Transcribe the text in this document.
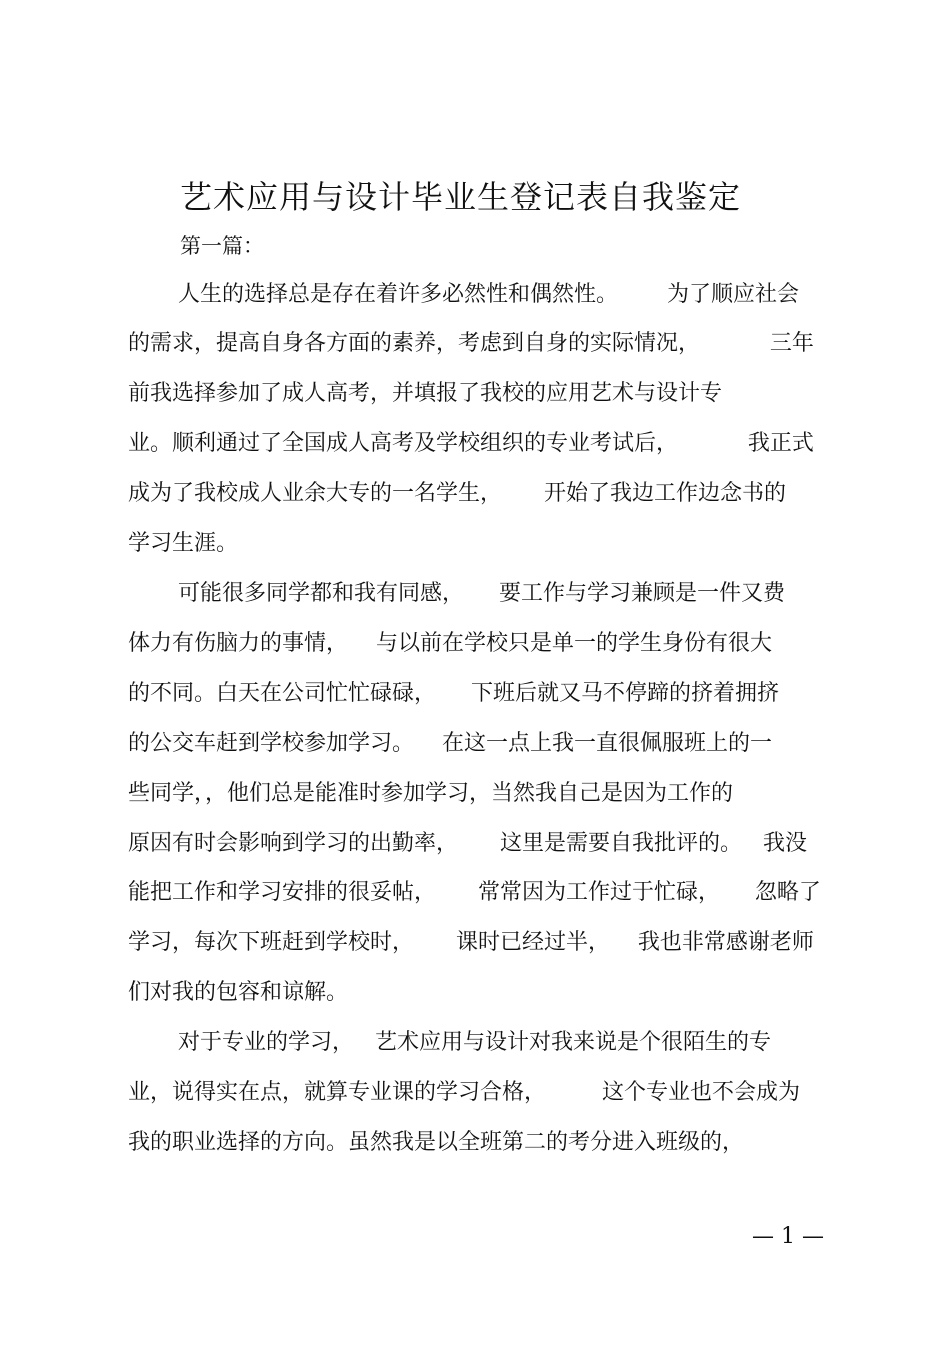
艺术应用与设计毕业生登记表自我鉴定
第一篇：
人生的选择总是存在着许多必然性和偶然性。       为了顺应社会
的需求，提高自身各方面的素养，考虑到自身的实际情况，          三年
前我选择参加了成人高考，并填报了我校的应用艺术与设计专
业。顺利通过了全国成人高考及学校组织的专业考试后，          我正式
成为了我校成人业余大专的一名学生，      开始了我边工作边念书的
学习生涯。
可能很多同学都和我有同感，     要工作与学习兼顾是一件又费
体力有伤脑力的事情，    与以前在学校只是单一的学生身份有很大
的不同。白天在公司忙忙碌碌，     下班后就又马不停蹄的挤着拥挤
的公交车赶到学校参加学习。    在这一点上我一直很佩服班上的一
些同学，，他们总是能准时参加学习，当然我自己是因为工作的
原因有时会影响到学习的出勤率，      这里是需要自我批评的。   我没
能把工作和学习安排的很妥帖，      常常因为工作过于忙碌，     忽略了
学习，每次下班赶到学校时，      课时已经过半，    我也非常感谢老师
们对我的包容和谅解。
对于专业的学习，   艺术应用与设计对我来说是个很陌生的专
业，说得实在点，就算专业课的学习合格，        这个专业也不会成为
我的职业选择的方向。虽然我是以全班第二的考分进入班级的，
— 1 —
